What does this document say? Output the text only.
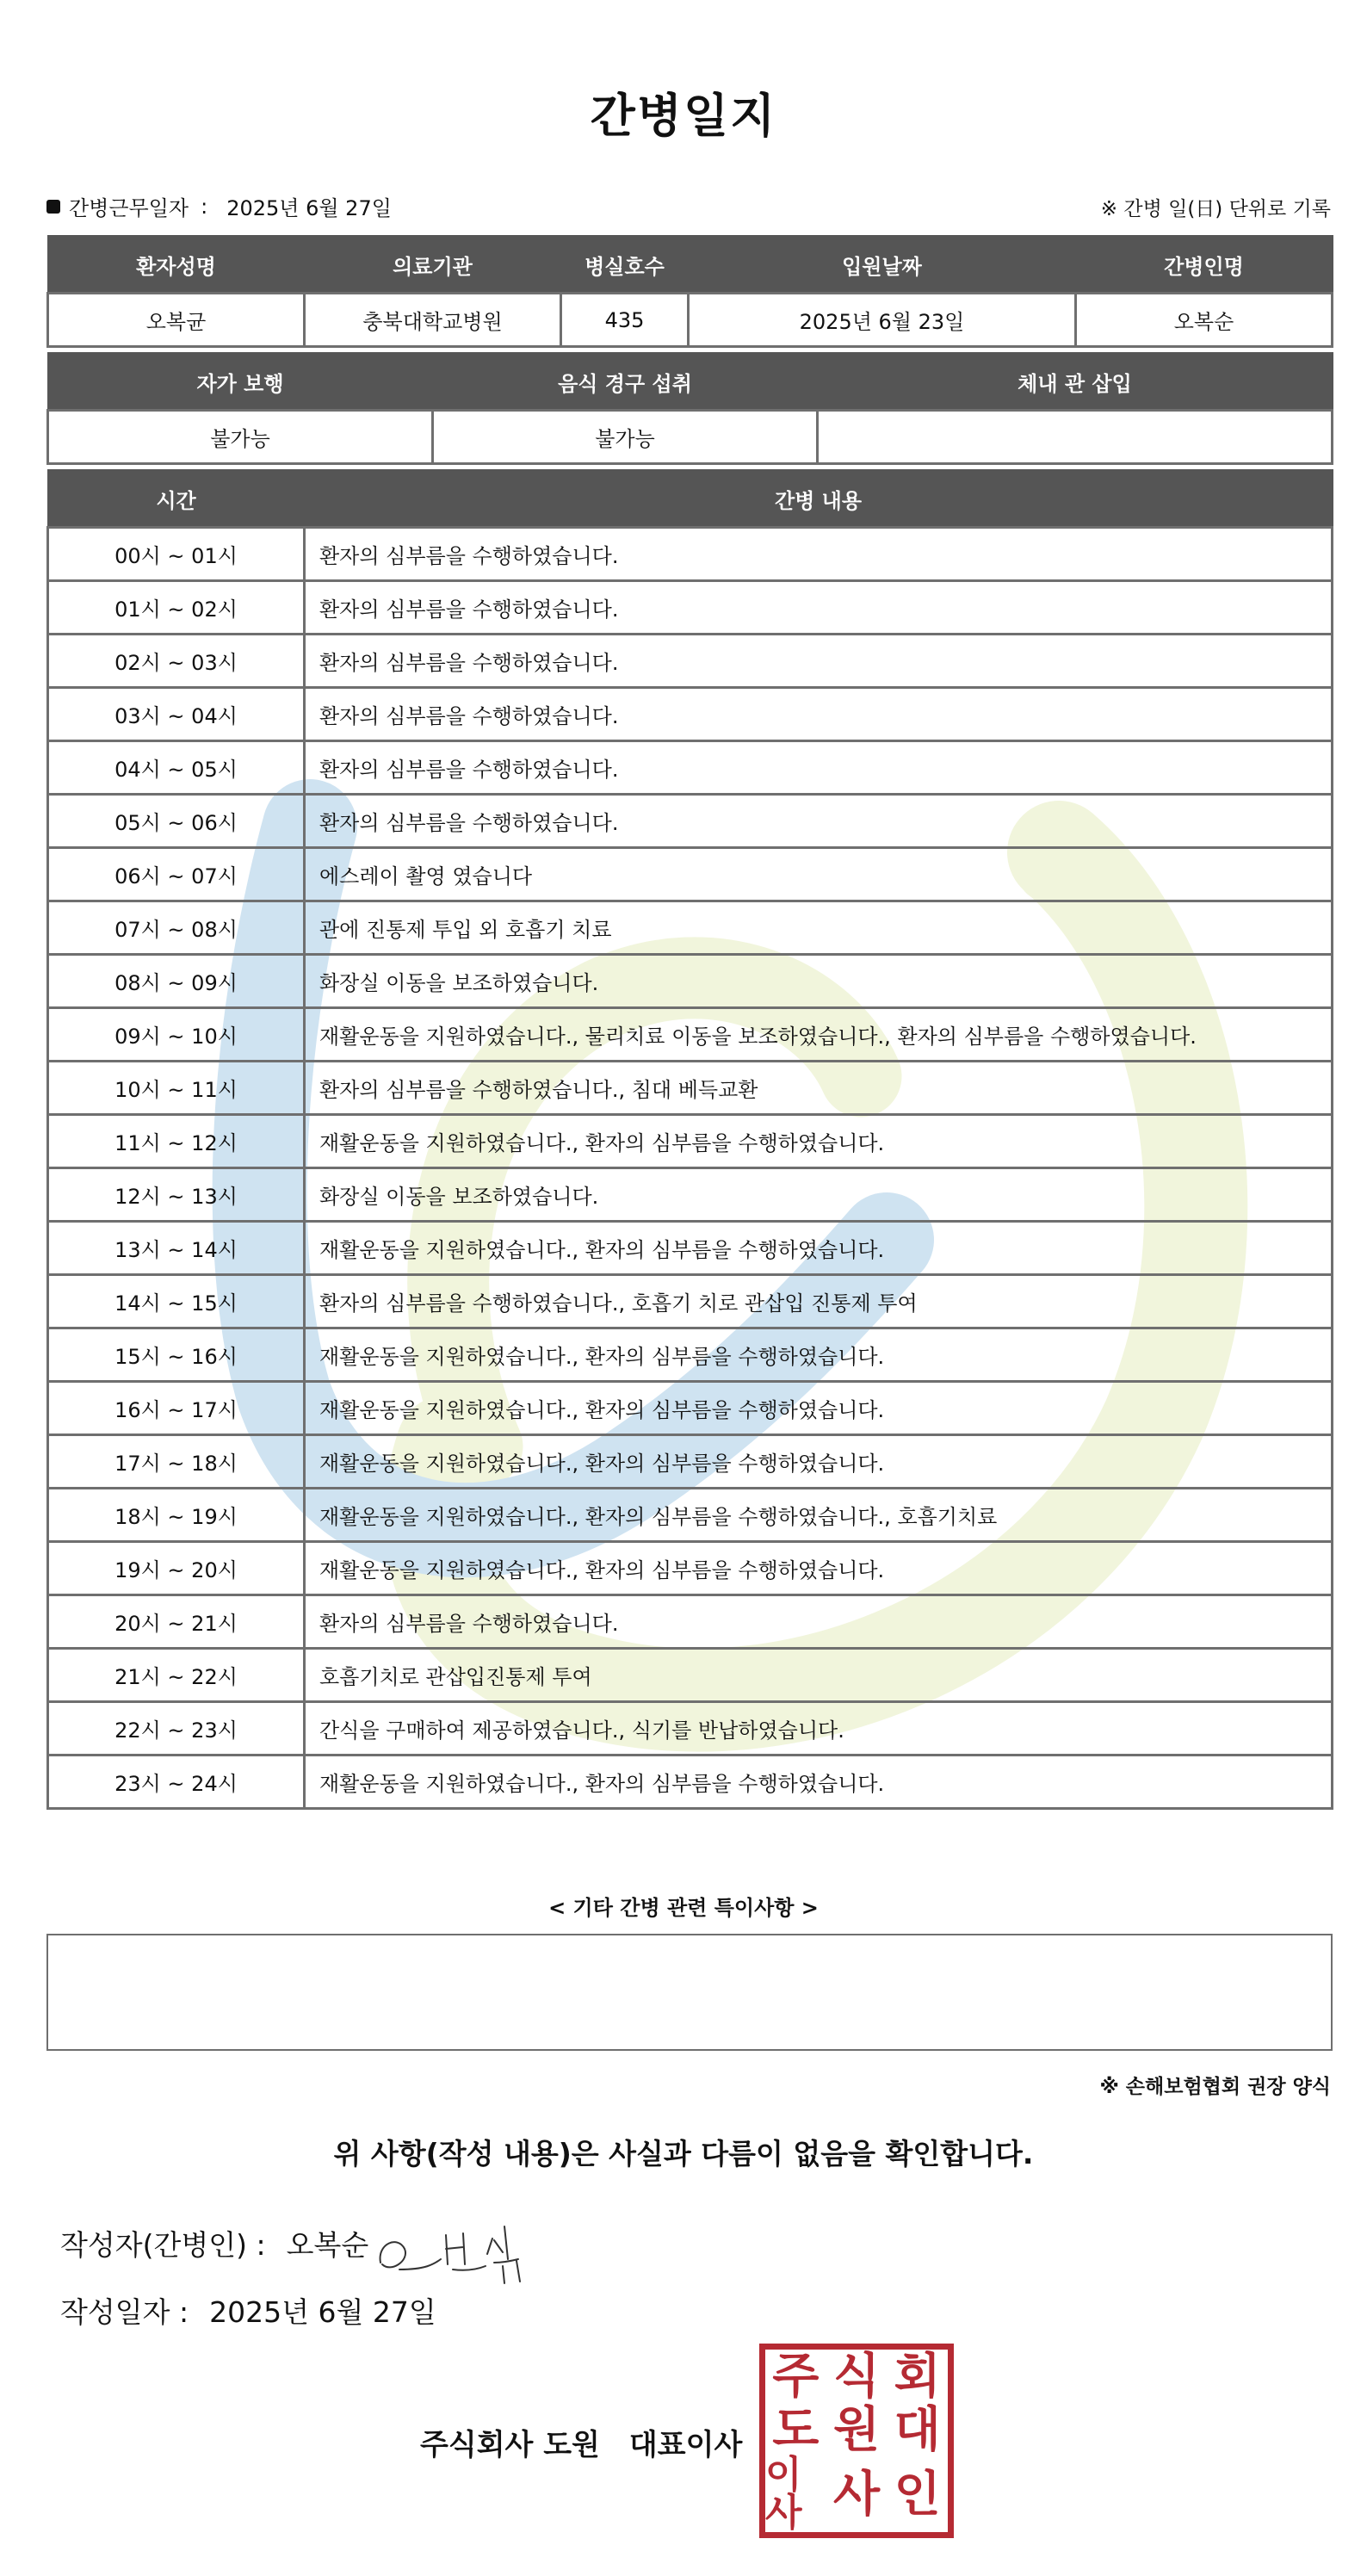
간병일지
간병근무일자 : 2025년 6월 27일	※ 간병 일(日) 단위로 기록
환자성명	의료기관	병실호수	입원날짜	간병인명
오복균	충북대학교병원	435	2025년 6월 23일	오복순
자가 보행	음식 경구 섭취	체내 관 삽입
불가능	불가능	
시간	간병 내용
00시 ~ 01시	환자의 심부름을 수행하였습니다.
01시 ~ 02시	환자의 심부름을 수행하였습니다.
02시 ~ 03시	환자의 심부름을 수행하였습니다.
03시 ~ 04시	환자의 심부름을 수행하였습니다.
04시 ~ 05시	환자의 심부름을 수행하였습니다.
05시 ~ 06시	환자의 심부름을 수행하였습니다.
06시 ~ 07시	에스레이 촬영 였습니다
07시 ~ 08시	관에 진통제 투입 외 호흡기 치료
08시 ~ 09시	화장실 이동을 보조하였습니다.
09시 ~ 10시	재활운동을 지원하였습니다., 물리치료 이동을 보조하였습니다., 환자의 심부름을 수행하였습니다.
10시 ~ 11시	환자의 심부름을 수행하였습니다., 침대 베득교환
11시 ~ 12시	재활운동을 지원하였습니다., 환자의 심부름을 수행하였습니다.
12시 ~ 13시	화장실 이동을 보조하였습니다.
13시 ~ 14시	재활운동을 지원하였습니다., 환자의 심부름을 수행하였습니다.
14시 ~ 15시	환자의 심부름을 수행하였습니다., 호흡기 치로 관삽입 진통제 투여
15시 ~ 16시	재활운동을 지원하였습니다., 환자의 심부름을 수행하였습니다.
16시 ~ 17시	재활운동을 지원하였습니다., 환자의 심부름을 수행하였습니다.
17시 ~ 18시	재활운동을 지원하였습니다., 환자의 심부름을 수행하였습니다.
18시 ~ 19시	재활운동을 지원하였습니다., 환자의 심부름을 수행하였습니다., 호흡기치료
19시 ~ 20시	재활운동을 지원하였습니다., 환자의 심부름을 수행하였습니다.
20시 ~ 21시	환자의 심부름을 수행하였습니다.
21시 ~ 22시	호흡기치로 관삽입진통제 투여
22시 ~ 23시	간식을 구매하여 제공하였습니다., 식기를 반납하였습니다.
23시 ~ 24시	재활운동을 지원하였습니다., 환자의 심부름을 수행하였습니다.
< 기타 간병 관련 특이사항 >
※ 손해보험협회 권장 양식
위 사항(작성 내용)은 사실과 다름이 없음을 확인합니다.
작성자(간병인) : 오복순
작성일자 : 2025년 6월 27일
주식회사 도원 대표이사
주 식 회
도 원 대
이사 사 인
